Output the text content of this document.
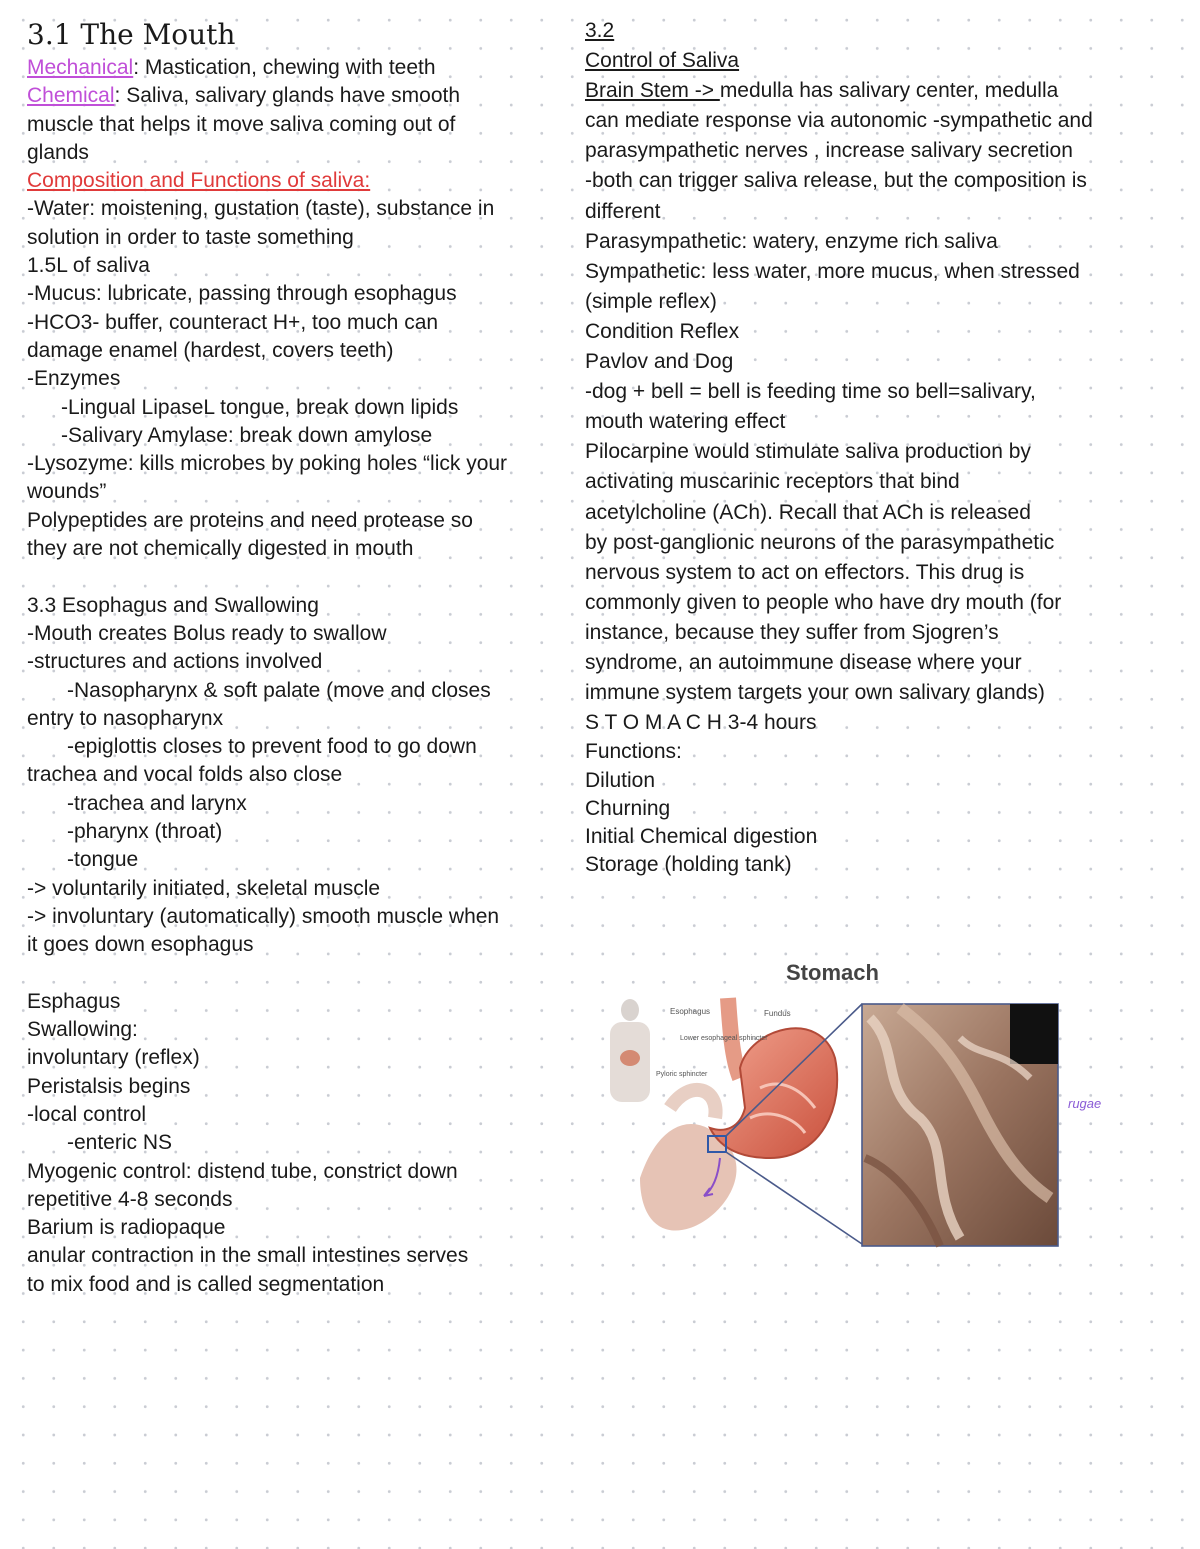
3.1 The Mouth
Mechanical: Mastication, chewing with teeth
Chemical: Saliva, salivary glands have smooth
muscle that helps it move saliva coming out of
glands
Composition and Functions of saliva:
-Water: moistening, gustation (taste), substance in
solution in order to taste something
1.5L of saliva
-Mucus: lubricate, passing through esophagus
-HCO3- buffer, counteract H+, too much can
damage enamel (hardest, covers teeth)
-Enzymes
-Lingual LipaseL tongue, break down lipids
-Salivary Amylase: break down amylose
-Lysozyme: kills microbes by poking holes “lick your
wounds”
Polypeptides are proteins and need protease so
they are not chemically digested in mouth
3.3 Esophagus and Swallowing
-Mouth creates Bolus ready to swallow
-structures and actions involved
-Nasopharynx & soft palate (move and closes
entry to nasopharynx
-epiglottis closes to prevent food to go down
trachea and vocal folds also close
-trachea and larynx
-pharynx (throat)
-tongue
-> voluntarily initiated, skeletal muscle
-> involuntary (automatically) smooth muscle when
it goes down esophagus
Esphagus
Swallowing:
involuntary (reflex)
Peristalsis begins
-local control
-enteric NS
Myogenic control: distend tube, constrict down
repetitive 4-8 seconds
Barium is radiopaque
anular contraction in the small intestines serves
to mix food and is called segmentation
3.2
Control of Saliva
Brain Stem -> medulla has salivary center, medulla
can mediate response via autonomic -sympathetic and
parasympathetic nerves , increase salivary secretion
-both can trigger saliva release, but the composition is
different
Parasympathetic: watery, enzyme rich saliva
Sympathetic: less water, more mucus, when stressed
(simple reflex)
Condition Reflex
Pavlov and Dog
-dog + bell = bell is feeding time so bell=salivary,
mouth watering effect
Pilocarpine would stimulate saliva production by
activating muscarinic receptors that bind
acetylcholine (ACh). Recall that ACh is released
by post-ganglionic neurons of the parasympathetic
nervous system to act on effectors. This drug is
commonly given to people who have dry mouth (for
instance, because they suffer from Sjogren’s
syndrome, an autoimmune disease where your
immune system targets your own salivary glands)
S T O M A C H 3-4 hours
Functions:
Dilution
Churning
Initial Chemical digestion
Storage (holding tank)
Stomach
Esophagus	Fundus
Lower esophageal sphincter
Pyloric sphincter
rugae
